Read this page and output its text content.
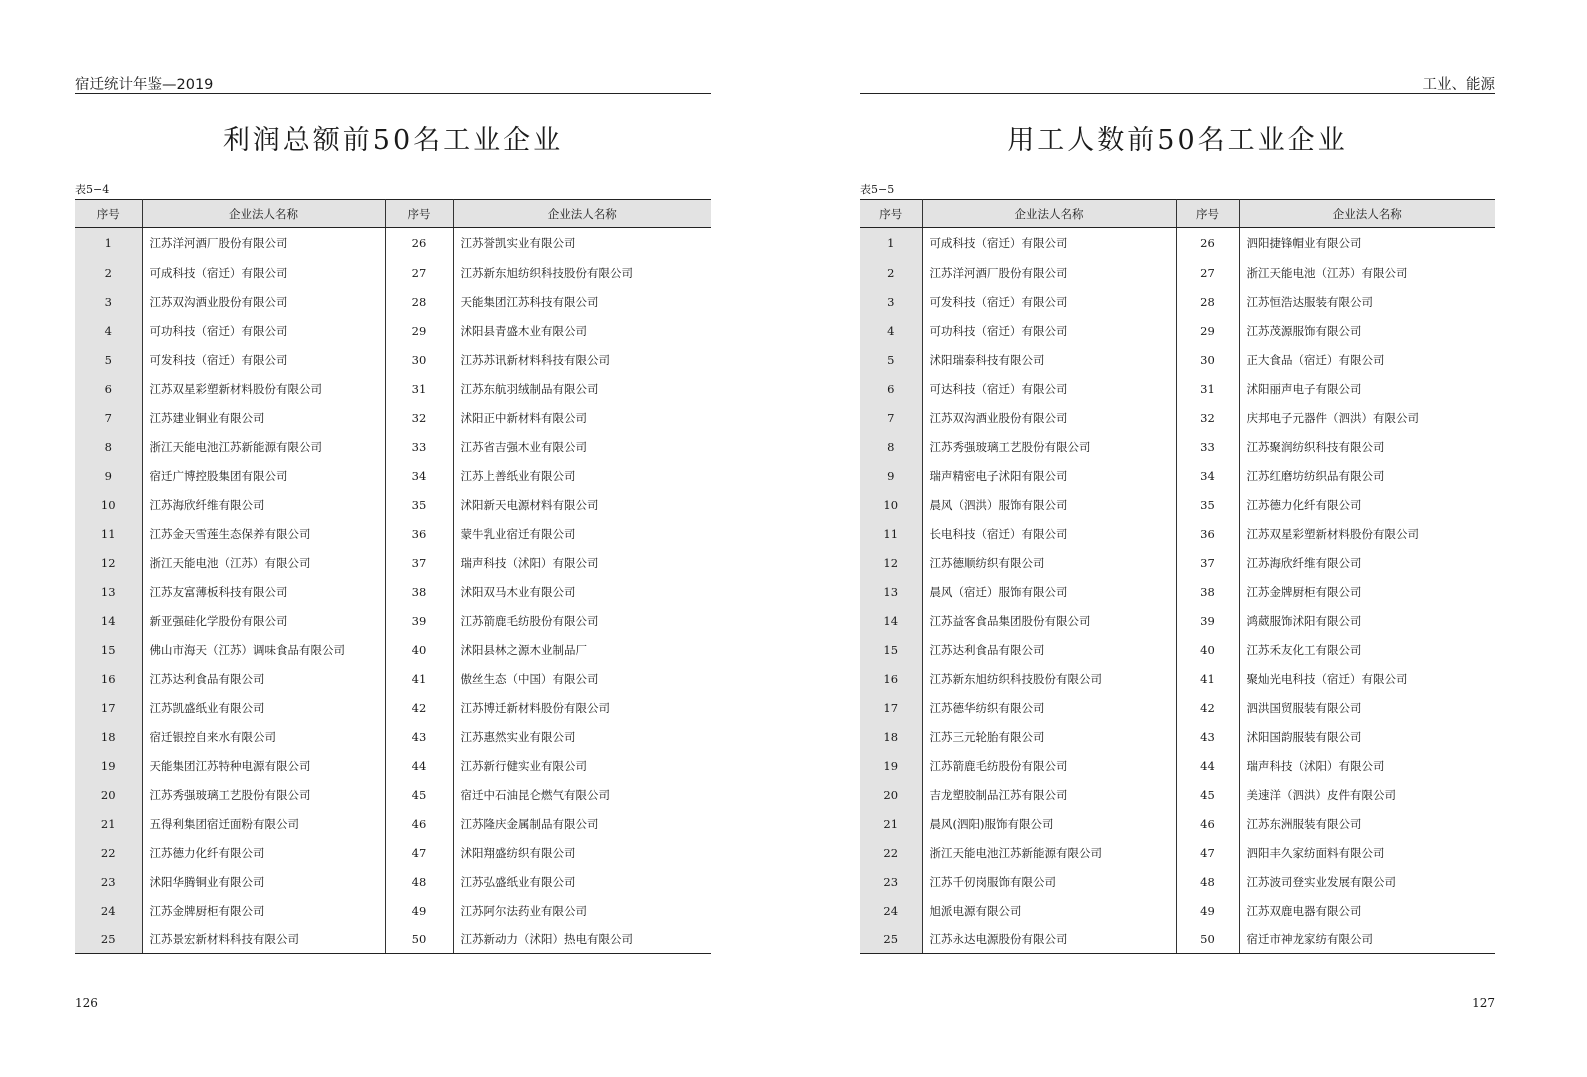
宿迁统计年鉴—2019
利润总额前50名工业企业
表5−4
序号	企业法人名称	序号	企业法人名称
1	江苏洋河酒厂股份有限公司	26	江苏誉凯实业有限公司
2	可成科技（宿迁）有限公司	27	江苏新东旭纺织科技股份有限公司
3	江苏双沟酒业股份有限公司	28	天能集团江苏科技有限公司
4	可功科技（宿迁）有限公司	29	沭阳县青盛木业有限公司
5	可发科技（宿迁）有限公司	30	江苏苏讯新材料科技有限公司
6	江苏双星彩塑新材料股份有限公司	31	江苏东航羽绒制品有限公司
7	江苏建业铜业有限公司	32	沭阳正中新材料有限公司
8	浙江天能电池江苏新能源有限公司	33	江苏省吉强木业有限公司
9	宿迁广博控股集团有限公司	34	江苏上善纸业有限公司
10	江苏海欣纤维有限公司	35	沭阳新天电源材料有限公司
11	江苏金天雪莲生态保养有限公司	36	蒙牛乳业宿迁有限公司
12	浙江天能电池（江苏）有限公司	37	瑞声科技（沭阳）有限公司
13	江苏友富薄板科技有限公司	38	沭阳双马木业有限公司
14	新亚强硅化学股份有限公司	39	江苏箭鹿毛纺股份有限公司
15	佛山市海天（江苏）调味食品有限公司	40	沭阳县林之源木业制品厂
16	江苏达利食品有限公司	41	傲丝生态（中国）有限公司
17	江苏凯盛纸业有限公司	42	江苏博迁新材料股份有限公司
18	宿迁银控自来水有限公司	43	江苏惠然实业有限公司
19	天能集团江苏特种电源有限公司	44	江苏新行健实业有限公司
20	江苏秀强玻璃工艺股份有限公司	45	宿迁中石油昆仑燃气有限公司
21	五得利集团宿迁面粉有限公司	46	江苏隆庆金属制品有限公司
22	江苏德力化纤有限公司	47	沭阳翔盛纺织有限公司
23	沭阳华腾铜业有限公司	48	江苏弘盛纸业有限公司
24	江苏金牌厨柜有限公司	49	江苏阿尔法药业有限公司
25	江苏景宏新材料科技有限公司	50	江苏新动力（沭阳）热电有限公司
126
工业、能源
用工人数前50名工业企业
表5−5
序号	企业法人名称	序号	企业法人名称
1	可成科技（宿迁）有限公司	26	泗阳捷锋帽业有限公司
2	江苏洋河酒厂股份有限公司	27	浙江天能电池（江苏）有限公司
3	可发科技（宿迁）有限公司	28	江苏恒浩达服装有限公司
4	可功科技（宿迁）有限公司	29	江苏茂源服饰有限公司
5	沭阳瑞泰科技有限公司	30	正大食品（宿迁）有限公司
6	可达科技（宿迁）有限公司	31	沭阳丽声电子有限公司
7	江苏双沟酒业股份有限公司	32	庆邦电子元器件（泗洪）有限公司
8	江苏秀强玻璃工艺股份有限公司	33	江苏聚润纺织科技有限公司
9	瑞声精密电子沭阳有限公司	34	江苏红磨坊纺织品有限公司
10	晨风（泗洪）服饰有限公司	35	江苏德力化纤有限公司
11	长电科技（宿迁）有限公司	36	江苏双星彩塑新材料股份有限公司
12	江苏德顺纺织有限公司	37	江苏海欣纤维有限公司
13	晨风（宿迁）服饰有限公司	38	江苏金牌厨柜有限公司
14	江苏益客食品集团股份有限公司	39	鸿葳服饰沭阳有限公司
15	江苏达利食品有限公司	40	江苏禾友化工有限公司
16	江苏新东旭纺织科技股份有限公司	41	聚灿光电科技（宿迁）有限公司
17	江苏德华纺织有限公司	42	泗洪国贸服装有限公司
18	江苏三元轮胎有限公司	43	沭阳国韵服装有限公司
19	江苏箭鹿毛纺股份有限公司	44	瑞声科技（沭阳）有限公司
20	吉龙塑胶制品江苏有限公司	45	美速洋（泗洪）皮件有限公司
21	晨风(泗阳)服饰有限公司	46	江苏东洲服装有限公司
22	浙江天能电池江苏新能源有限公司	47	泗阳丰久家纺面料有限公司
23	江苏千仞岗服饰有限公司	48	江苏波司登实业发展有限公司
24	旭派电源有限公司	49	江苏双鹿电器有限公司
25	江苏永达电源股份有限公司	50	宿迁市神龙家纺有限公司
127
